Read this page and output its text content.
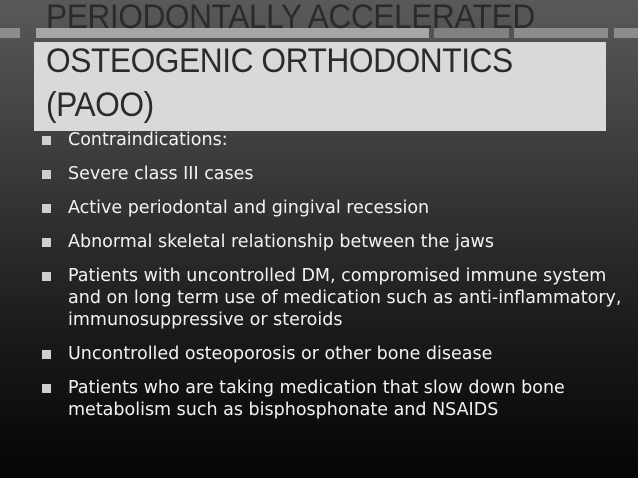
PERIODONTALLY ACCELERATED
OSTEOGENIC ORTHODONTICS
(PAOO)
Contraindications:
Severe class III cases
Active periodontal and gingival recession
Abnormal skeletal relationship between the jaws
Patients with uncontrolled DM, compromised immune system and on long term use of medication such as anti-inflammatory, immunosuppressive or steroids
Uncontrolled osteoporosis or other bone disease
Patients who are taking medication that slow down bone metabolism such as bisphosphonate and NSAIDS
